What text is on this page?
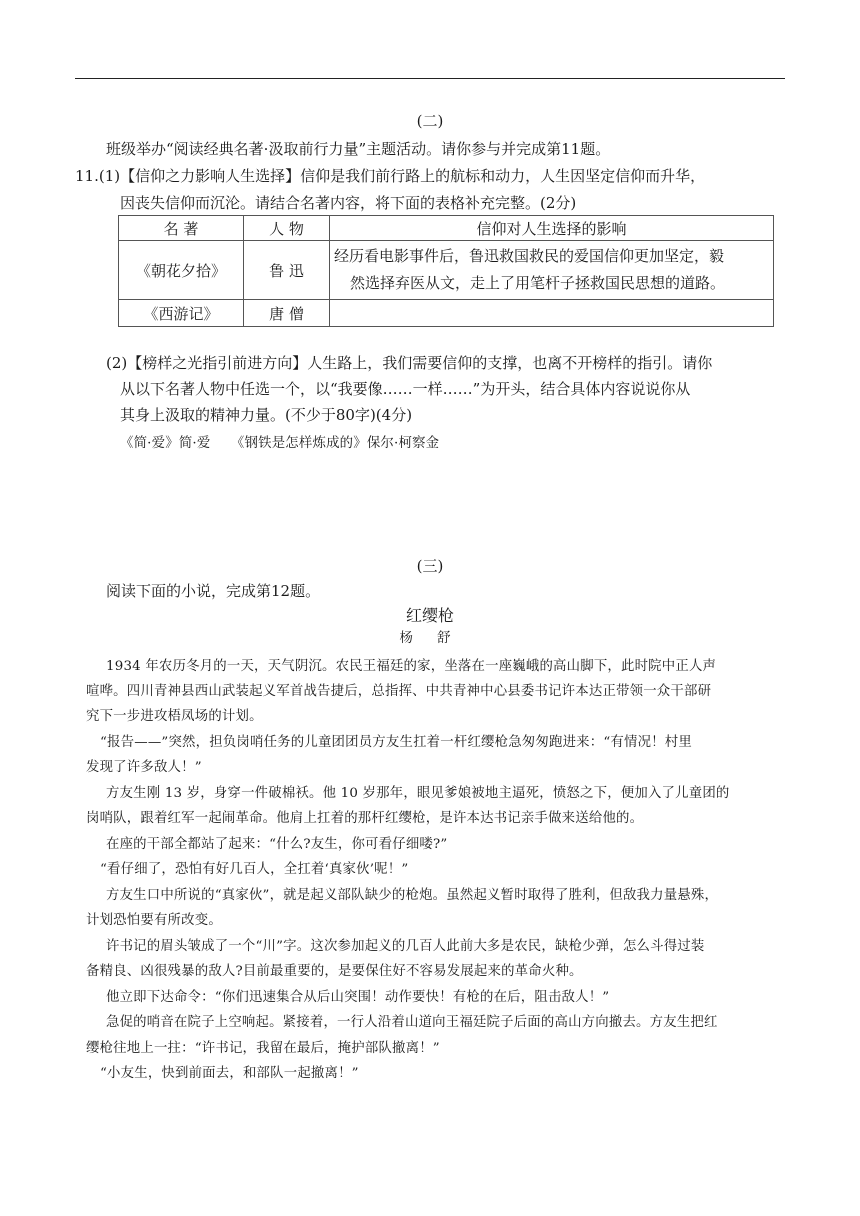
(二)
班级举办“阅读经典名著·汲取前行力量”主题活动。请你参与并完成第11题。
11.(1)【信仰之力影响人生选择】信仰是我们前行路上的航标和动力，人生因坚定信仰而升华，
因丧失信仰而沉沦。请结合名著内容，将下面的表格补充完整。(2分)
名 著	人 物	信仰对人生选择的影响
《朝花夕拾》	鲁 迅	经历看电影事件后，鲁迅救国救民的爱国信仰更加坚定，毅
然选择弃医从文，走上了用笔杆子拯救国民思想的道路。

《西游记》	唐 僧	
(2)【榜样之光指引前进方向】人生路上，我们需要信仰的支撑，也离不开榜样的指引。请你
从以下名著人物中任选一个，以“我要像……一样……”为开头，结合具体内容说说你从
其身上汲取的精神力量。(不少于80字)(4分)
《简·爱》简·爱　　《钢铁是怎样炼成的》保尔·柯察金
(三)
阅读下面的小说，完成第12题。
红缨枪
杨 舒
1934 年农历冬月的一天，天气阴沉。农民王福廷的家，坐落在一座巍峨的高山脚下，此时院中正人声
喧哗。四川青神县西山武装起义军首战告捷后，总指挥、中共青神中心县委书记许本达正带领一众干部研
究下一步进攻梧凤场的计划。
“报告——”突然，担负岗哨任务的儿童团团员方友生扛着一杆红缨枪急匆匆跑进来：“有情况！村里
发现了许多敌人！”
方友生刚 13 岁，身穿一件破棉袄。他 10 岁那年，眼见爹娘被地主逼死，愤怒之下，便加入了儿童团的
岗哨队，跟着红军一起闹革命。他肩上扛着的那杆红缨枪，是许本达书记亲手做来送给他的。
在座的干部全都站了起来：“什么?友生，你可看仔细喽?”
“看仔细了，恐怕有好几百人，全扛着‘真家伙’呢！”
方友生口中所说的“真家伙”，就是起义部队缺少的枪炮。虽然起义暂时取得了胜利，但敌我力量悬殊，
计划恐怕要有所改变。
许书记的眉头皱成了一个“川”字。这次参加起义的几百人此前大多是农民，缺枪少弹，怎么斗得过装
备精良、凶很残暴的敌人?目前最重要的，是要保住好不容易发展起来的革命火种。
他立即下达命令：“你们迅速集合从后山突围！动作要快！有枪的在后，阻击敌人！”
急促的哨音在院子上空响起。紧接着，一行人沿着山道向王福廷院子后面的高山方向撤去。方友生把红
缨枪往地上一拄：“许书记，我留在最后，掩护部队撤离！”
“小友生，快到前面去，和部队一起撤离！”
